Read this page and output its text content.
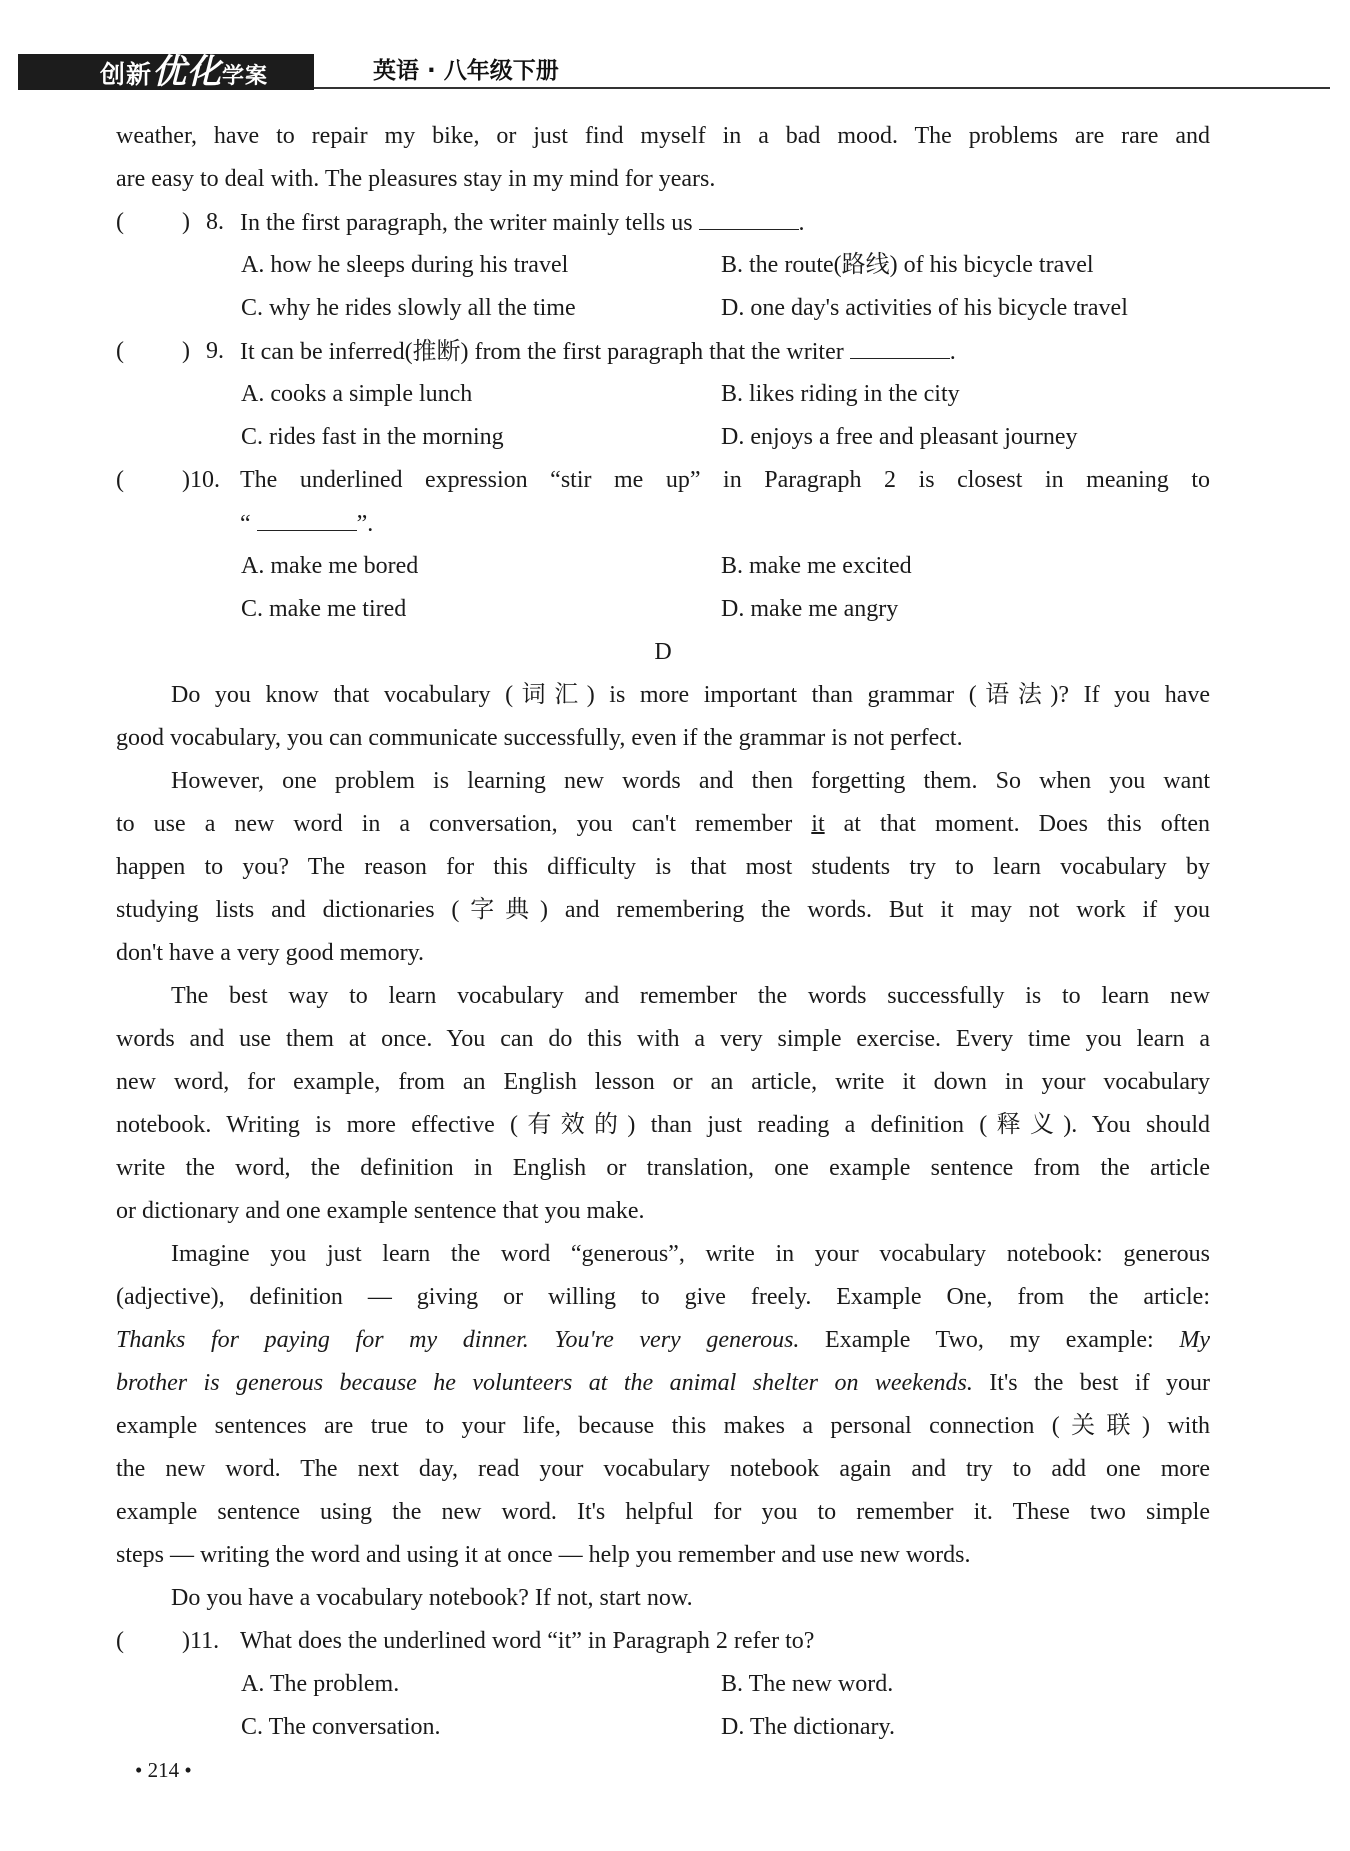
创新优化学案	英语 · 八年级下册
weather, have to repair my bike, or just find myself in a bad mood. The problems are rare and
are easy to deal with. The pleasures stay in my mind for years.
( ) 8. In the first paragraph, the writer mainly tells us	.
A. how he sleeps during his travel	B. the route(路线) of his bicycle travel
C. why he rides slowly all the time	D. one day's activities of his bicycle travel
( ) 9. It can be inferred(推断) from the first paragraph that the writer	.
A. cooks a simple lunch	B. likes riding in the city
C. rides fast in the morning	D. enjoys a free and pleasant journey
( )10. The underlined expression “stir me up” in Paragraph 2 is closest in meaning to
“	”.
A. make me bored	B. make me excited
C. make me tired	D. make me angry
D
Do you know that vocabulary (词汇) is more important than grammar (语法)? If you have
good vocabulary, you can communicate successfully, even if the grammar is not perfect.
However, one problem is learning new words and then forgetting them. So when you want
to use a new word in a conversation, you can't remember it at that moment. Does this often
happen to you? The reason for this difficulty is that most students try to learn vocabulary by
studying lists and dictionaries (字典) and remembering the words. But it may not work if you
don't have a very good memory.
The best way to learn vocabulary and remember the words successfully is to learn new
words and use them at once. You can do this with a very simple exercise. Every time you learn a
new word, for example, from an English lesson or an article, write it down in your vocabulary
notebook. Writing is more effective (有效的) than just reading a definition (释义). You should
write the word, the definition in English or translation, one example sentence from the article
or dictionary and one example sentence that you make.
Imagine you just learn the word “generous”, write in your vocabulary notebook: generous
(adjective), definition — giving or willing to give freely. Example One, from the article:
Thanks for paying for my dinner. You're very generous. Example Two, my example: My
brother is generous because he volunteers at the animal shelter on weekends. It's the best if your
example sentences are true to your life, because this makes a personal connection (关联) with
the new word. The next day, read your vocabulary notebook again and try to add one more
example sentence using the new word. It's helpful for you to remember it. These two simple
steps — writing the word and using it at once — help you remember and use new words.
Do you have a vocabulary notebook? If not, start now.
( )11. What does the underlined word “it” in Paragraph 2 refer to?
A. The problem.	B. The new word.
C. The conversation.	D. The dictionary.
• 214 •
